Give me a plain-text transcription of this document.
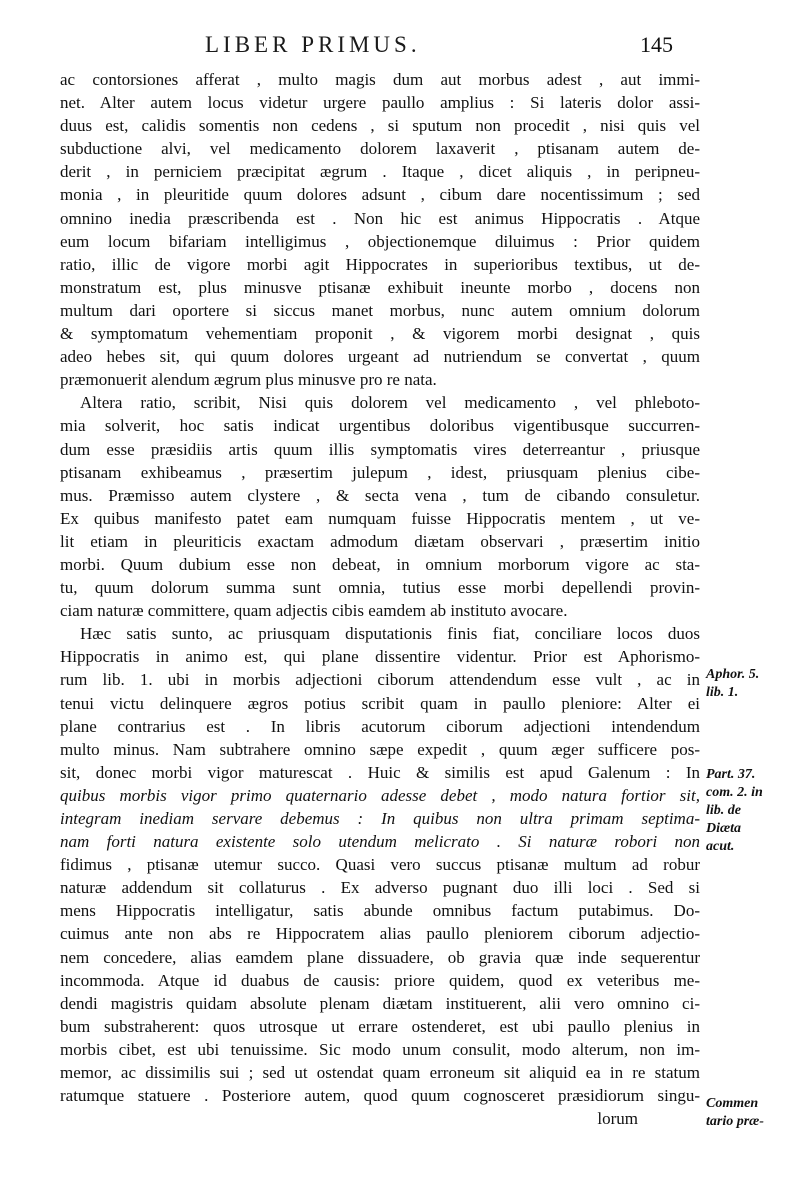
LIBER PRIMUS.	145
ac contorsiones afferat , multo magis dum aut morbus adest , aut immi-
net. Alter autem locus videtur urgere paullo amplius : Si lateris dolor assi-
duus est, calidis somentis non cedens , si sputum non procedit , nisi quis vel
subductione alvi, vel medicamento dolorem laxaverit , ptisanam autem de-
derit , in perniciem præcipitat ægrum . Itaque , dicet aliquis , in peripneu-
monia , in pleuritide quum dolores adsunt , cibum dare nocentissimum ; sed
omnino inedia præscribenda est . Non hic est animus Hippocratis . Atque
eum locum bifariam intelligimus , objectionemque diluimus : Prior quidem
ratio, illic de vigore morbi agit Hippocrates in superioribus textibus, ut de-
monstratum est, plus minusve ptisanæ exhibuit ineunte morbo , docens non
multum dari oportere si siccus manet morbus, nunc autem omnium dolorum
& symptomatum vehementiam proponit , & vigorem morbi designat , quis
adeo hebes sit, qui quum dolores urgeant ad nutriendum se convertat , quum
præmonuerit alendum ægrum plus minusve pro re nata.
Altera ratio, scribit, Nisi quis dolorem vel medicamento , vel phlebotο-
mia solverit, hoc satis indicat urgentibus doloribus vigentibusque succurren-
dum esse præsidiis artis quum illis symptomatis vires deterreantur , priusque
ptisanam exhibeamus , præsertim julepum , idest, priusquam plenius cibe-
mus. Præmisso autem clystere , & secta vena , tum de cibando consuletur.
Ex quibus manifesto patet eam numquam fuisse Hippocratis mentem , ut ve-
lit etiam in pleuriticis exactam admodum diætam observari , præsertim initio
morbi. Quum dubium esse non debeat, in omnium morborum vigore ac sta-
tu, quum dolorum summa sunt omnia, tutius esse morbi depellendi provin-
ciam naturæ committere, quam adjectis cibis eamdem ab instituto avocare.
Hæc satis sunto, ac priusquam disputationis finis fiat, conciliare locos duos
Hippocratis in animo est, qui plane dissentire videntur. Prior est Aphorismo-
rum lib. 1. ubi in morbis adjectioni ciborum attendendum esse vult , ac in
tenui victu delinquere ægros potius scribit quam in paullo pleniore: Alter ei
plane contrarius est . In libris acutorum ciborum adjectioni intendendum
multo minus. Nam subtrahere omnino sæpe expedit , quum æger sufficere pos-
sit, donec morbi vigor maturescat . Huic & similis est apud Galenum : In
quibus morbis vigor primo quaternario adesse debet , modo natura fortior sit,
integram inediam servare debemus : In quibus non ultra primam septima-
nam forti natura existente solo utendum melicrato . Si naturæ robori non
fidimus , ptisanæ utemur succo. Quasi vero succus ptisanæ multum ad robur
naturæ addendum sit collaturus . Ex adverso pugnant duo illi loci . Sed si
mens Hippocratis intelligatur, satis abunde omnibus factum putabimus. Do-
cuimus ante non abs re Hippocratem alias paullo pleniorem ciborum adjectio-
nem concedere, alias eamdem plane dissuadere, ob gravia quæ inde sequerentur
incommoda. Atque id duabus de causis: priore quidem, quod ex veteribus me-
dendi magistris quidam absolute plenam diætam instituerent, alii vero omnino ci-
bum substraherent: quos utrosque ut errare ostenderet, est ubi paullo plenius in
morbis cibet, est ubi tenuissime. Sic modo unum consulit, modo alterum, non im-
memor, ac dissimilis sui ; sed ut ostendat quam erroneum sit aliquid ea in re statum
ratumque statuere . Posteriore autem, quod quum cognosceret præsidiorum singu-
lorum
Aphor. 5.
lib. 1.
Part. 37.
com. 2. in
lib. de
Diæta
acut.
Commen
tario præ-
